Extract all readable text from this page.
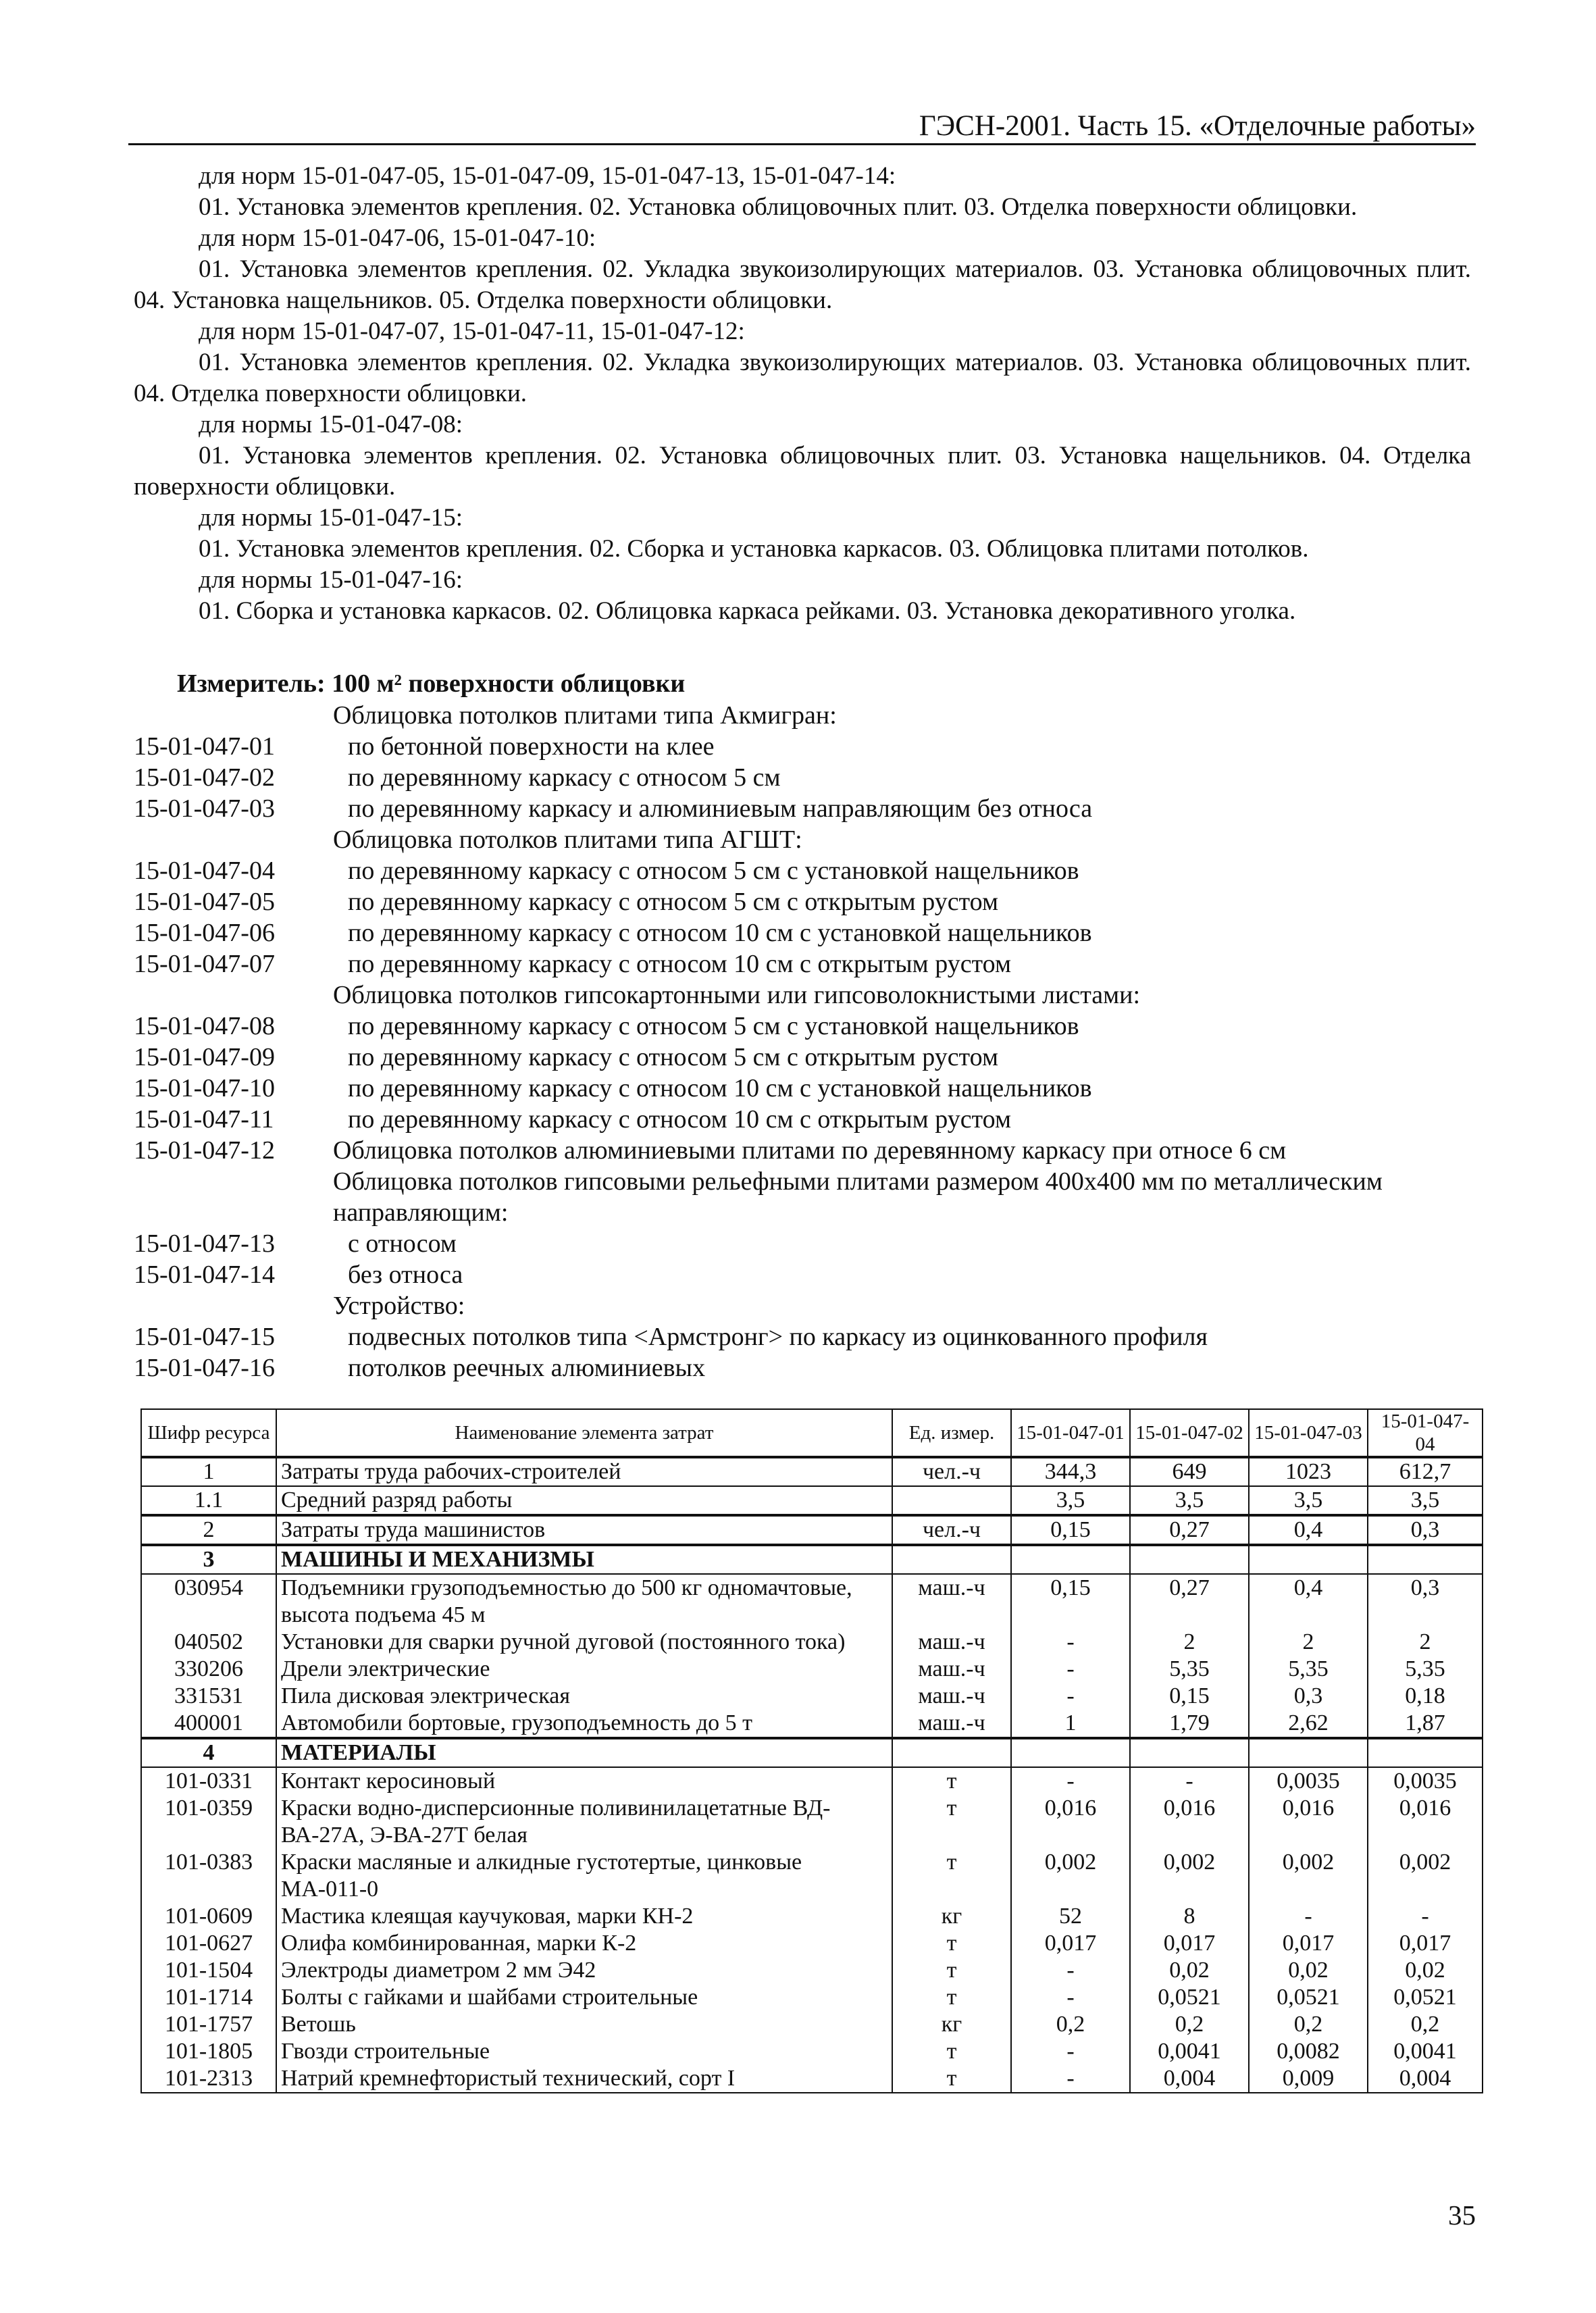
ГЭСН-2001. Часть 15. «Отделочные работы»
для норм 15-01-047-05, 15-01-047-09, 15-01-047-13, 15-01-047-14:
01. Установка элементов крепления. 02. Установка облицовочных плит. 03. Отделка поверхности облицовки.
для норм 15-01-047-06, 15-01-047-10:
01. Установка элементов крепления. 02. Укладка звукоизолирующих материалов. 03. Установка облицовочных плит. 04. Установка нащельников. 05. Отделка поверхности облицовки.
для норм 15-01-047-07, 15-01-047-11, 15-01-047-12:
01. Установка элементов крепления. 02. Укладка звукоизолирующих материалов. 03. Установка облицовочных плит. 04. Отделка поверхности облицовки.
для нормы 15-01-047-08:
01. Установка элементов крепления. 02. Установка облицовочных плит. 03. Установка нащельников. 04. Отделка поверхности облицовки.
для нормы 15-01-047-15:
01. Установка элементов крепления. 02. Сборка и установка каркасов. 03. Облицовка плитами потолков.
для нормы 15-01-047-16:
01. Сборка и установка каркасов. 02. Облицовка каркаса рейками. 03. Установка декоративного уголка.
Измеритель: 100 м² поверхности облицовки
Облицовка потолков плитами типа Акмигран:
15-01-047-01	по бетонной поверхности на клее
15-01-047-02	по деревянному каркасу с относом 5 см
15-01-047-03	по деревянному каркасу и алюминиевым направляющим без относа
Облицовка потолков плитами типа АГШТ:
15-01-047-04	по деревянному каркасу с относом 5 см с установкой нащельников
15-01-047-05	по деревянному каркасу с относом 5 см с открытым рустом
15-01-047-06	по деревянному каркасу с относом 10 см с установкой нащельников
15-01-047-07	по деревянному каркасу с относом 10 см с открытым рустом
Облицовка потолков гипсокартонными или гипсоволокнистыми листами:
15-01-047-08	по деревянному каркасу с относом 5 см с установкой нащельников
15-01-047-09	по деревянному каркасу с относом 5 см с открытым рустом
15-01-047-10	по деревянному каркасу с относом 10 см с установкой нащельников
15-01-047-11	по деревянному каркасу с относом 10 см с открытым рустом
15-01-047-12	Облицовка потолков алюминиевыми плитами по деревянному каркасу при относе 6 см
Облицовка потолков гипсовыми рельефными плитами размером 400х400 мм по металлическим направляющим:
15-01-047-13	с относом
15-01-047-14	без относа
Устройство:
15-01-047-15	подвесных потолков типа <Армстронг> по каркасу из оцинкованного профиля
15-01-047-16	потолков реечных алюминиевых
Шифр ресурса	Наименование элемента затрат	Ед. измер.	15-01-047-01	15-01-047-02	15-01-047-03	15-01-047-04
1	Затраты труда рабочих-строителей	чел.-ч	344,3	649	1023	612,7
1.1	Средний разряд работы		3,5	3,5	3,5	3,5
2	Затраты труда машинистов	чел.-ч	0,15	0,27	0,4	0,3
3	МАШИНЫ И МЕХАНИЗМЫ					
030954	Подъемники грузоподъемностью до 500 кг одномачтовые, высота подъема 45 м	маш.-ч	0,15	0,27	0,4	0,3
040502	Установки для сварки ручной дуговой (постоянного тока)	маш.-ч	-	2	2	2
330206	Дрели электрические	маш.-ч	-	5,35	5,35	5,35
331531	Пила дисковая электрическая	маш.-ч	-	0,15	0,3	0,18
400001	Автомобили бортовые, грузоподъемность до 5 т	маш.-ч	1	1,79	2,62	1,87
4	МАТЕРИАЛЫ					
101-0331	Контакт керосиновый	т	-	-	0,0035	0,0035
101-0359	Краски водно-дисперсионные поливинилацетатные ВД-ВА-27А, Э-ВА-27Т белая	т	0,016	0,016	0,016	0,016
101-0383	Краски масляные и алкидные густотертые, цинковые МА-011-0	т	0,002	0,002	0,002	0,002
101-0609	Мастика клеящая каучуковая, марки КН-2	кг	52	8	-	-
101-0627	Олифа комбинированная, марки К-2	т	0,017	0,017	0,017	0,017
101-1504	Электроды диаметром 2 мм Э42	т	-	0,02	0,02	0,02
101-1714	Болты с гайками и шайбами строительные	т	-	0,0521	0,0521	0,0521
101-1757	Ветошь	кг	0,2	0,2	0,2	0,2
101-1805	Гвозди строительные	т	-	0,0041	0,0082	0,0041
101-2313	Натрий кремнефтористый технический, сорт I	т	-	0,004	0,009	0,004
35
